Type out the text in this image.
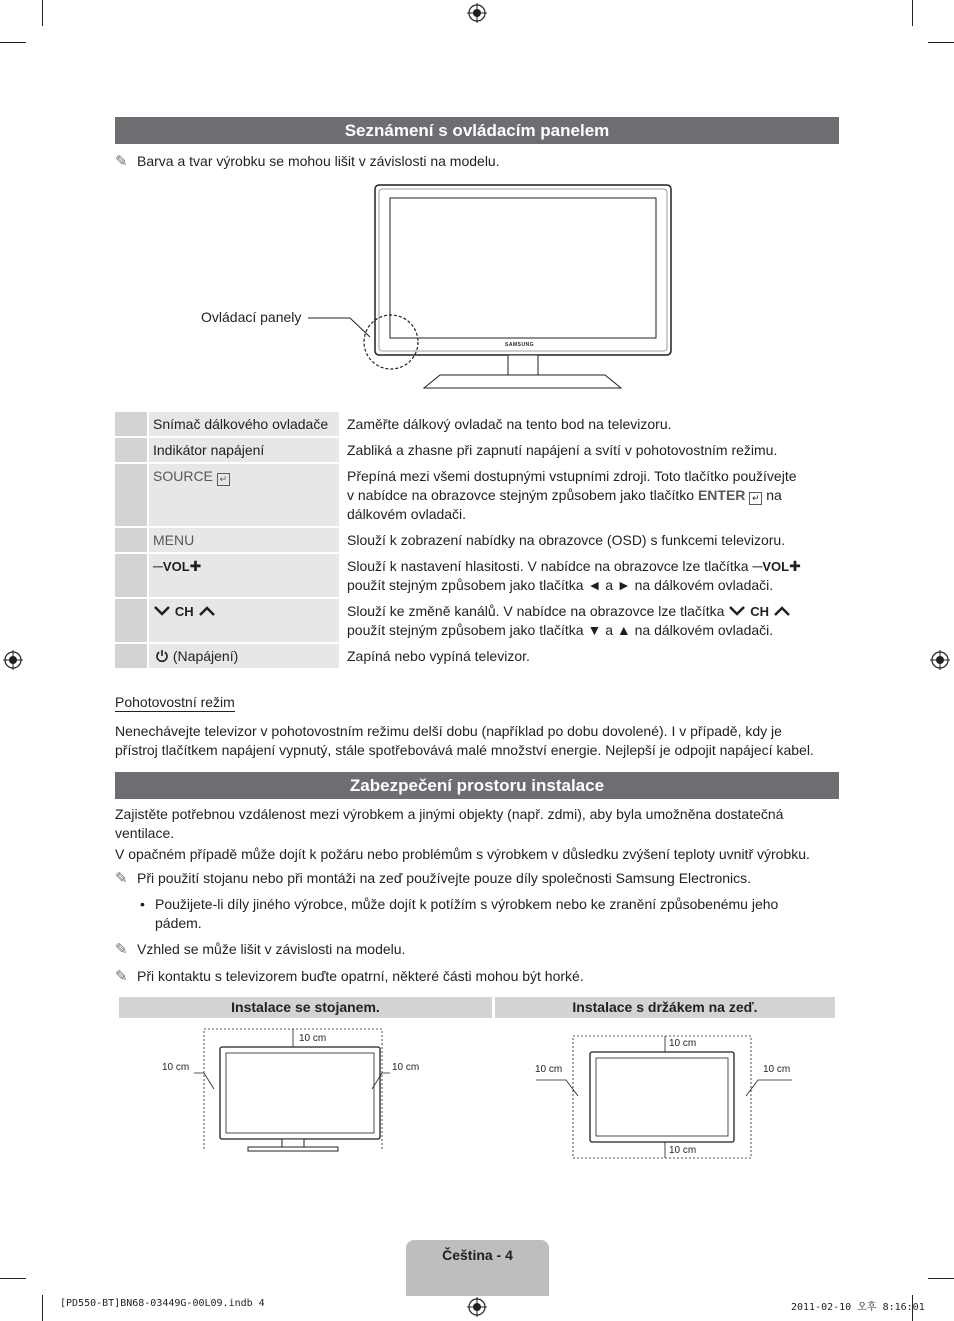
Seznámení s ovládacím panelem
✎ Barva a tvar výrobku se mohou lišit v závislosti na modelu.
SAMSUNG
Ovládací panely
Snímač dálkového ovladače	Zaměřte dálkový ovladač na tento bod na televizoru.
Indikátor napájení	Zabliká a zhasne při zapnutí napájení a svítí v pohotovostním režimu.
SOURCE ↵	Přepíná mezi všemi dostupnými vstupními zdroji. Toto tlačítko používejte
v nabídce na obrazovce stejným způsobem jako tlačítko ENTER ↵ na
dálkovém ovladači.
MENU	Slouží k zobrazení nabídky na obrazovce (OSD) s funkcemi televizoru.
─VOL✚	Slouží k nastavení hlasitosti. V nabídce na obrazovce lze tlačítka ─VOL✚
použít stejným způsobem jako tlačítka ◄ a ► na dálkovém ovladači.
CH	Slouží ke změně kanálů. V nabídce na obrazovce lze tlačítka CH
použít stejným způsobem jako tlačítka ▼ a ▲ na dálkovém ovladači.
(Napájení)	Zapíná nebo vypíná televizor.
Pohotovostní režim
Nenechávejte televizor v pohotovostním režimu delší dobu (například po dobu dovolené). I v případě, kdy je
přístroj tlačítkem napájení vypnutý, stále spotřebovává malé množství energie. Nejlepší je odpojit napájecí kabel.
Zabezpečení prostoru instalace
Zajistěte potřebnou vzdálenost mezi výrobkem a jinými objekty (např. zdmi), aby byla umožněna dostatečná
ventilace.
V opačném případě může dojít k požáru nebo problémům s výrobkem v důsledku zvýšení teploty uvnitř výrobku.
✎ Při použití stojanu nebo při montáži na zeď používejte pouze díly společnosti Samsung Electronics.
• Použijete-li díly jiného výrobce, může dojít k potížím s výrobkem nebo ke zranění způsobenému jeho
pádem.
✎ Vzhled se může lišit v závislosti na modelu.
✎ Při kontaktu s televizorem buďte opatrní, některé části mohou být horké.
Instalace se stojanem.	Instalace s držákem na zeď.
10 cm
10 cm	10 cm
10 cm
10 cm	10 cm
10 cm
Čeština - 4
[PD550-BT]BN68-03449G-00L09.indb 4	2011-02-10 오후 8:16:01
